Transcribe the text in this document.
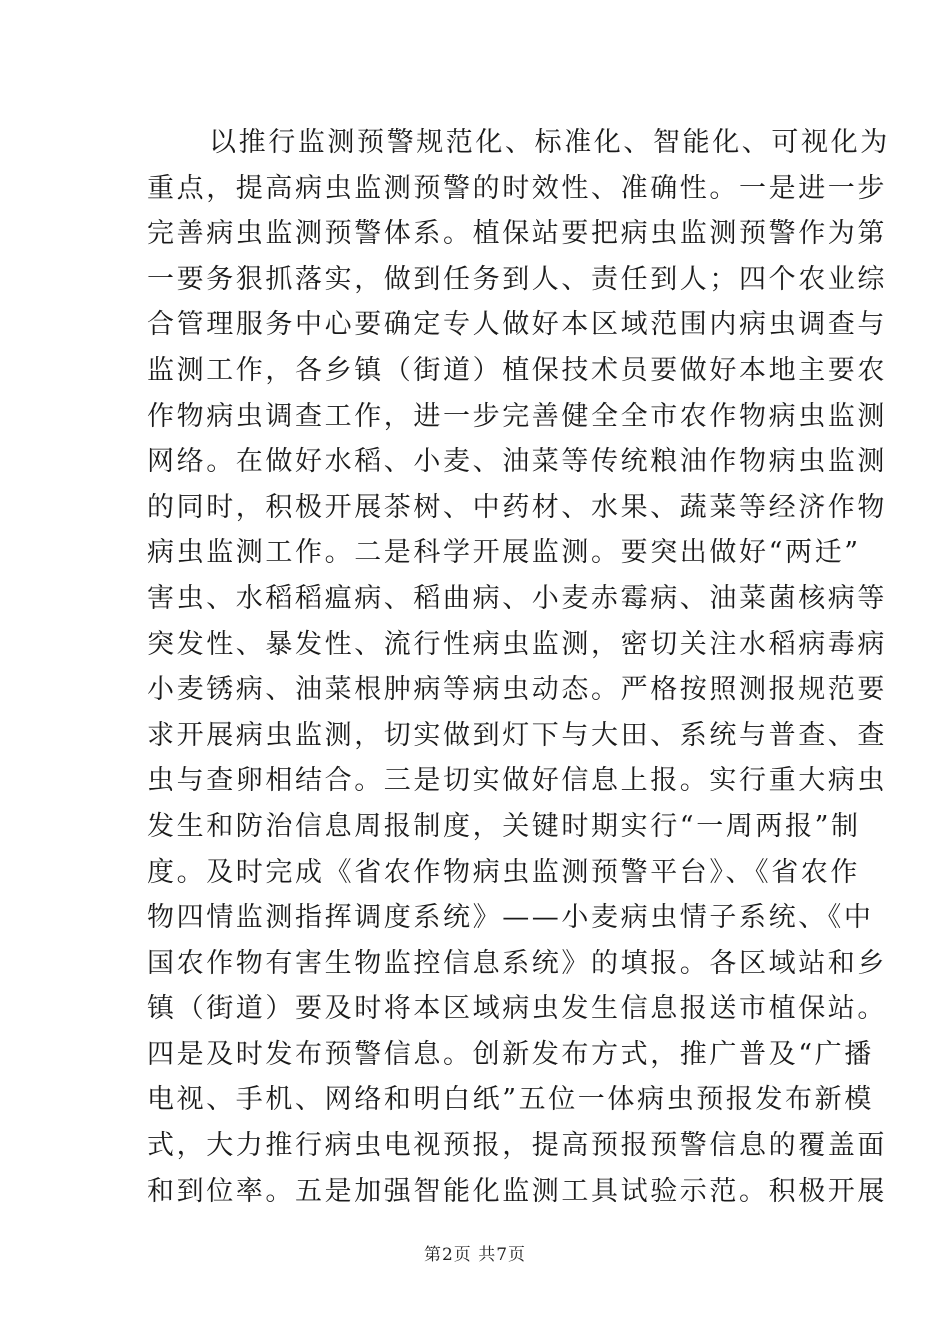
以推行监测预警规范化、标准化、智能化、可视化为
重点，提高病虫监测预警的时效性、准确性。一是进一步
完善病虫监测预警体系。植保站要把病虫监测预警作为第
一要务狠抓落实，做到任务到人、责任到人；四个农业综
合管理服务中心要确定专人做好本区域范围内病虫调查与
监测工作，各乡镇（街道）植保技术员要做好本地主要农
作物病虫调查工作，进一步完善健全全市农作物病虫监测
网络。在做好水稻、小麦、油菜等传统粮油作物病虫监测
的同时，积极开展茶树、中药材、水果、蔬菜等经济作物
病虫监测工作。二是科学开展监测。要突出做好“两迁”
害虫、水稻稻瘟病、稻曲病、小麦赤霉病、油菜菌核病等
突发性、暴发性、流行性病虫监测，密切关注水稻病毒病
小麦锈病、油菜根肿病等病虫动态。严格按照测报规范要
求开展病虫监测，切实做到灯下与大田、系统与普查、查
虫与查卵相结合。三是切实做好信息上报。实行重大病虫
发生和防治信息周报制度，关键时期实行“一周两报”制
度。及时完成《省农作物病虫监测预警平台》、《省农作
物四情监测指挥调度系统》——小麦病虫情子系统、《中
国农作物有害生物监控信息系统》的填报。各区域站和乡
镇（街道）要及时将本区域病虫发生信息报送市植保站。
四是及时发布预警信息。创新发布方式，推广普及“广播
电视、手机、网络和明白纸”五位一体病虫预报发布新模
式，大力推行病虫电视预报，提高预报预警信息的覆盖面
和到位率。五是加强智能化监测工具试验示范。积极开展
第2页 共7页
